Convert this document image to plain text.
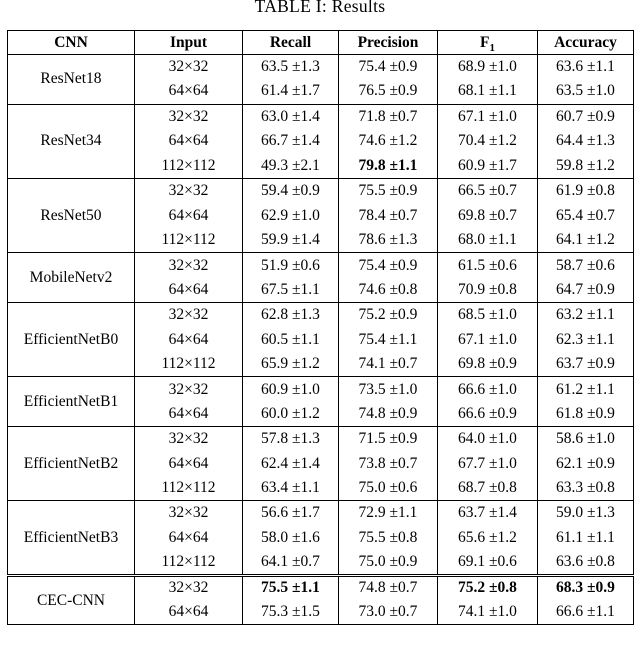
TABLE I: Results
CNN	Input	Recall	Precision	$F_1$	Accuracy
ResNet18	32×32	63.5 ±1.3	75.4 ±0.9	68.9 ±1.0	63.6 ±1.1
	64×64	61.4 ±1.7	76.5 ±0.9	68.1 ±1.1	63.5 ±1.0
ResNet34	32×32	63.0 ±1.4	71.8 ±0.7	67.1 ±1.0	60.7 ±0.9
	64×64	66.7 ±1.4	74.6 ±1.2	70.4 ±1.2	64.4 ±1.3
	112×112	49.3 ±2.1	79.8 ±1.1	60.9 ±1.7	59.8 ±1.2
ResNet50	32×32	59.4 ±0.9	75.5 ±0.9	66.5 ±0.7	61.9 ±0.8
	64×64	62.9 ±1.0	78.4 ±0.7	69.8 ±0.7	65.4 ±0.7
	112×112	59.9 ±1.4	78.6 ±1.3	68.0 ±1.1	64.1 ±1.2
MobileNetv2	32×32	51.9 ±0.6	75.4 ±0.9	61.5 ±0.6	58.7 ±0.6
	64×64	67.5 ±1.1	74.6 ±0.8	70.9 ±0.8	64.7 ±0.9
EfficientNetB0	32×32	62.8 ±1.3	75.2 ±0.9	68.5 ±1.0	63.2 ±1.1
	64×64	60.5 ±1.1	75.4 ±1.1	67.1 ±1.0	62.3 ±1.1
	112×112	65.9 ±1.2	74.1 ±0.7	69.8 ±0.9	63.7 ±0.9
EfficientNetB1	32×32	60.9 ±1.0	73.5 ±1.0	66.6 ±1.0	61.2 ±1.1
	64×64	60.0 ±1.2	74.8 ±0.9	66.6 ±0.9	61.8 ±0.9
EfficientNetB2	32×32	57.8 ±1.3	71.5 ±0.9	64.0 ±1.0	58.6 ±1.0
	64×64	62.4 ±1.4	73.8 ±0.7	67.7 ±1.0	62.1 ±0.9
	112×112	63.4 ±1.1	75.0 ±0.6	68.7 ±0.8	63.3 ±0.8
EfficientNetB3	32×32	56.6 ±1.7	72.9 ±1.1	63.7 ±1.4	59.0 ±1.3
	64×64	58.0 ±1.6	75.5 ±0.8	65.6 ±1.2	61.1 ±1.1
	112×112	64.1 ±0.7	75.0 ±0.9	69.1 ±0.6	63.6 ±0.8
CEC-CNN	32×32	75.5 ±1.1	74.8 ±0.7	75.2 ±0.8	68.3 ±0.9
	64×64	75.3 ±1.5	73.0 ±0.7	74.1 ±1.0	66.6 ±1.1
